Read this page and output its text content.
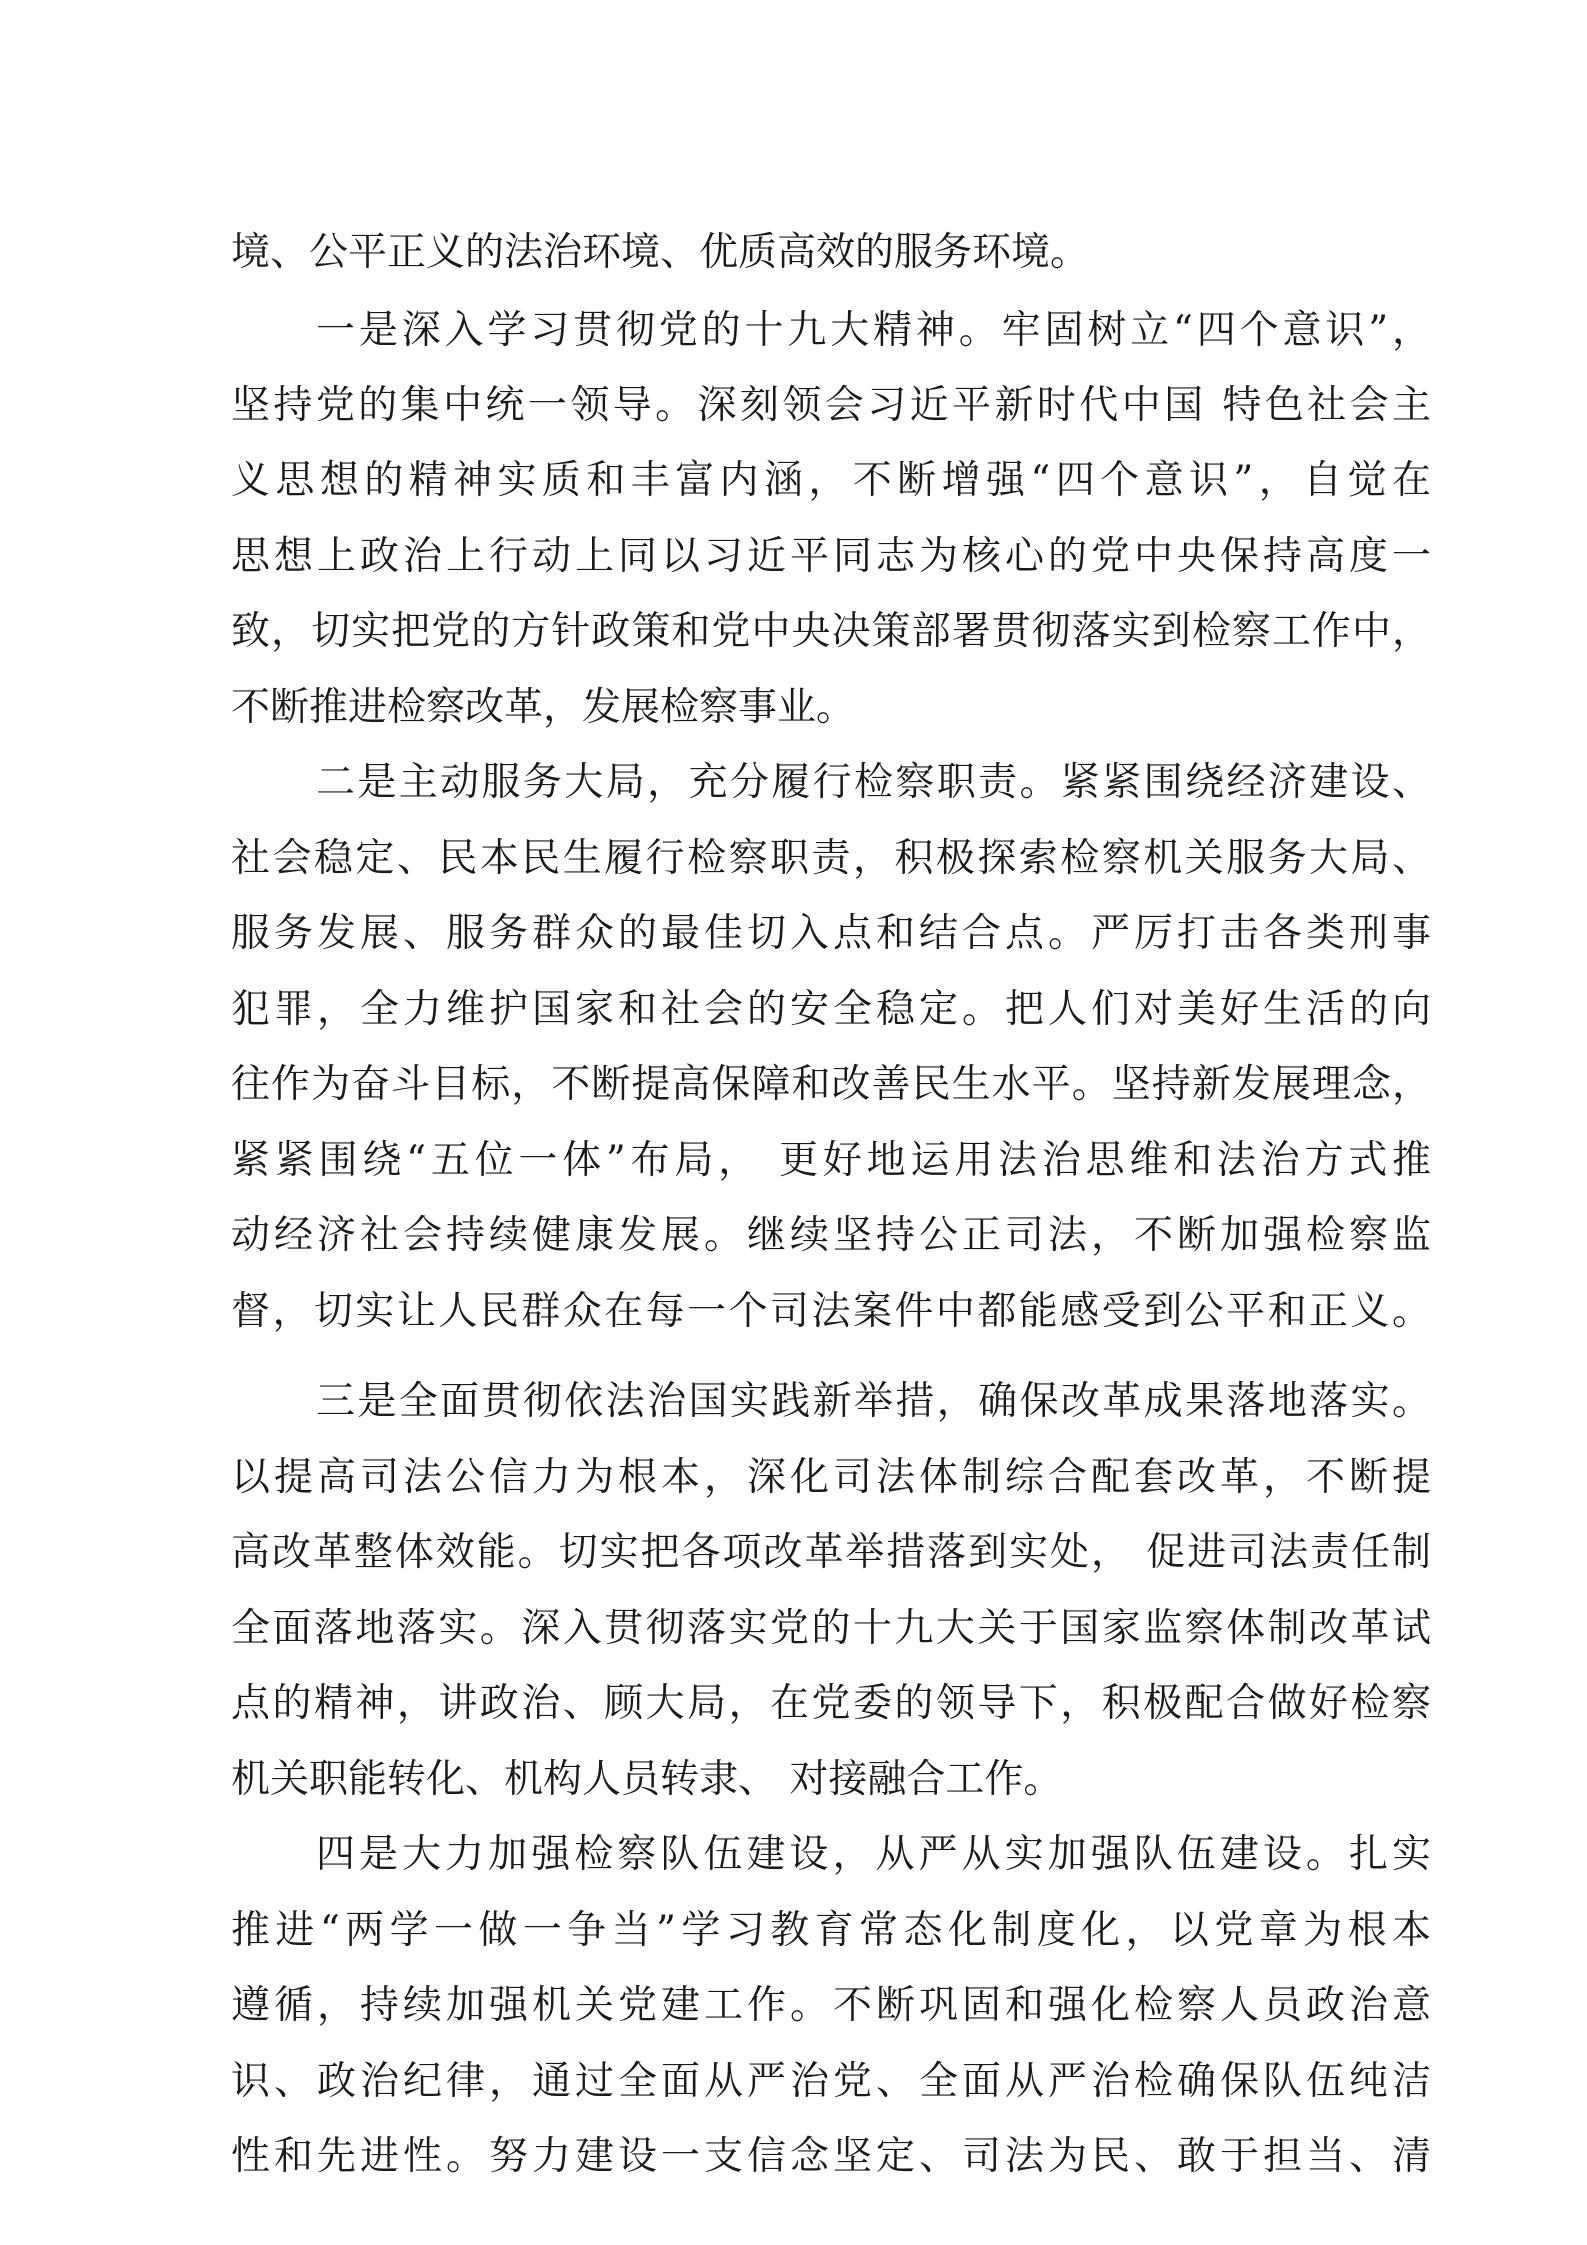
境、公平正义的法治环境、优质高效的服务环境。
一是深入学习贯彻党的十九大精神。牢固树立“四个意识”，
坚持党的集中统一领导。深刻领会习近平新时代中国 特色社会主
义思想的精神实质和丰富内涵，不断增强“四个意识”，自觉在
思想上政治上行动上同以习近平同志为核心的党中央保持高度一
致，切实把党的方针政策和党中央决策部署贯彻落实到检察工作中，
不断推进检察改革，发展检察事业。
二是主动服务大局，充分履行检察职责。紧紧围绕经济建设、
社会稳定、民本民生履行检察职责，积极探索检察机关服务大局、
服务发展、服务群众的最佳切入点和结合点。严厉打击各类刑事
犯罪，全力维护国家和社会的安全稳定。把人们对美好生活的向
往作为奋斗目标，不断提高保障和改善民生水平。坚持新发展理念，
紧紧围绕“五位一体”布局， 更好地运用法治思维和法治方式推
动经济社会持续健康发展。继续坚持公正司法，不断加强检察监
督，切实让人民群众在每一个司法案件中都能感受到公平和正义。
三是全面贯彻依法治国实践新举措，确保改革成果落地落实。
以提高司法公信力为根本，深化司法体制综合配套改革，不断提
高改革整体效能。切实把各项改革举措落到实处， 促进司法责任制
全面落地落实。深入贯彻落实党的十九大关于国家监察体制改革试
点的精神，讲政治、顾大局，在党委的领导下，积极配合做好检察
机关职能转化、机构人员转隶、 对接融合工作。
四是大力加强检察队伍建设，从严从实加强队伍建设。扎实
推进“两学一做一争当”学习教育常态化制度化，以党章为根本
遵循，持续加强机关党建工作。不断巩固和强化检察人员政治意
识、政治纪律，通过全面从严治党、全面从严治检确保队伍纯洁
性和先进性。努力建设一支信念坚定、司法为民、敢于担当、清
